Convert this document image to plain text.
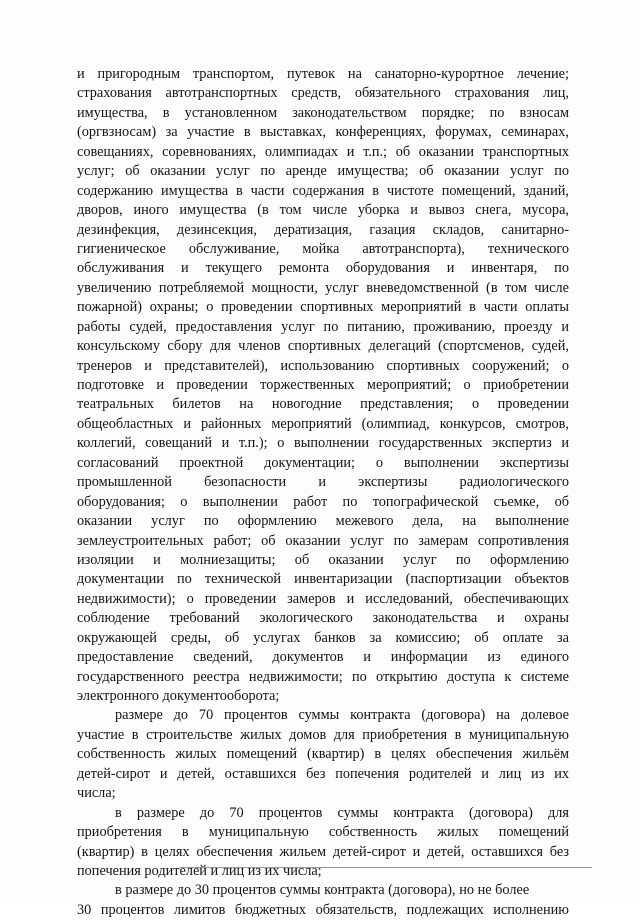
и пригородным транспортом, путевок на санаторно-курортное лечение;
страхования автотранспортных средств, обязательного страхования лиц,
имущества, в установленном законодательством порядке; по взносам
(оргвзносам) за участие в выставках, конференциях, форумах, семинарах,
совещаниях, соревнованиях, олимпиадах и т.п.; об оказании транспортных
услуг; об оказании услуг по аренде имущества; об оказании услуг по
содержанию имущества в части содержания в чистоте помещений, зданий,
дворов, иного имущества (в том числе уборка и вывоз снега, мусора,
дезинфекция, дезинсекция, дератизация, газация складов, санитарно-
гигиеническое обслуживание, мойка автотранспорта), технического
обслуживания и текущего ремонта оборудования и инвентаря, по
увеличению потребляемой мощности, услуг вневедомственной (в том числе
пожарной) охраны; о проведении спортивных мероприятий в части оплаты
работы судей, предоставления услуг по питанию, проживанию, проезду и
консульскому сбору для членов спортивных делегаций (спортсменов, судей,
тренеров и представителей), использованию спортивных сооружений; о
подготовке и проведении торжественных мероприятий; о приобретении
театральных билетов на новогодние представления; о проведении
общеобластных и районных мероприятий (олимпиад, конкурсов, смотров,
коллегий, совещаний и т.п.); о выполнении государственных экспертиз и
согласований проектной документации; о выполнении экспертизы
промышленной безопасности и экспертизы радиологического
оборудования; о выполнении работ по топографической съемке, об
оказании услуг по оформлению межевого дела, на выполнение
землеустроительных работ; об оказании услуг по замерам сопротивления
изоляции и молниезащиты; об оказании услуг по оформлению
документации по технической инвентаризации (паспортизации объектов
недвижимости); о проведении замеров и исследований, обеспечивающих
соблюдение требований экологического законодательства и охраны
окружающей среды, об услугах банков за комиссию; об оплате за
предоставление сведений, документов и информации из единого
государственного реестра недвижимости; по открытию доступа к системе
электронного документооборота;
размере до 70 процентов суммы контракта (договора) на долевое
участие в строительстве жилых домов для приобретения в муниципальную
собственность жилых помещений (квартир) в целях обеспечения жильём
детей-сирот и детей, оставшихся без попечения родителей и лиц из их
числа;
в размере до 70 процентов суммы контракта (договора) для
приобретения в муниципальную собственность жилых помещений
(квартир) в целях обеспечения жильем детей-сирот и детей, оставшихся без
попечения родителей и лиц из их числа;
в размере до 30 процентов суммы контракта (договора), но не более
30 процентов лимитов бюджетных обязательств, подлежащих исполнению
